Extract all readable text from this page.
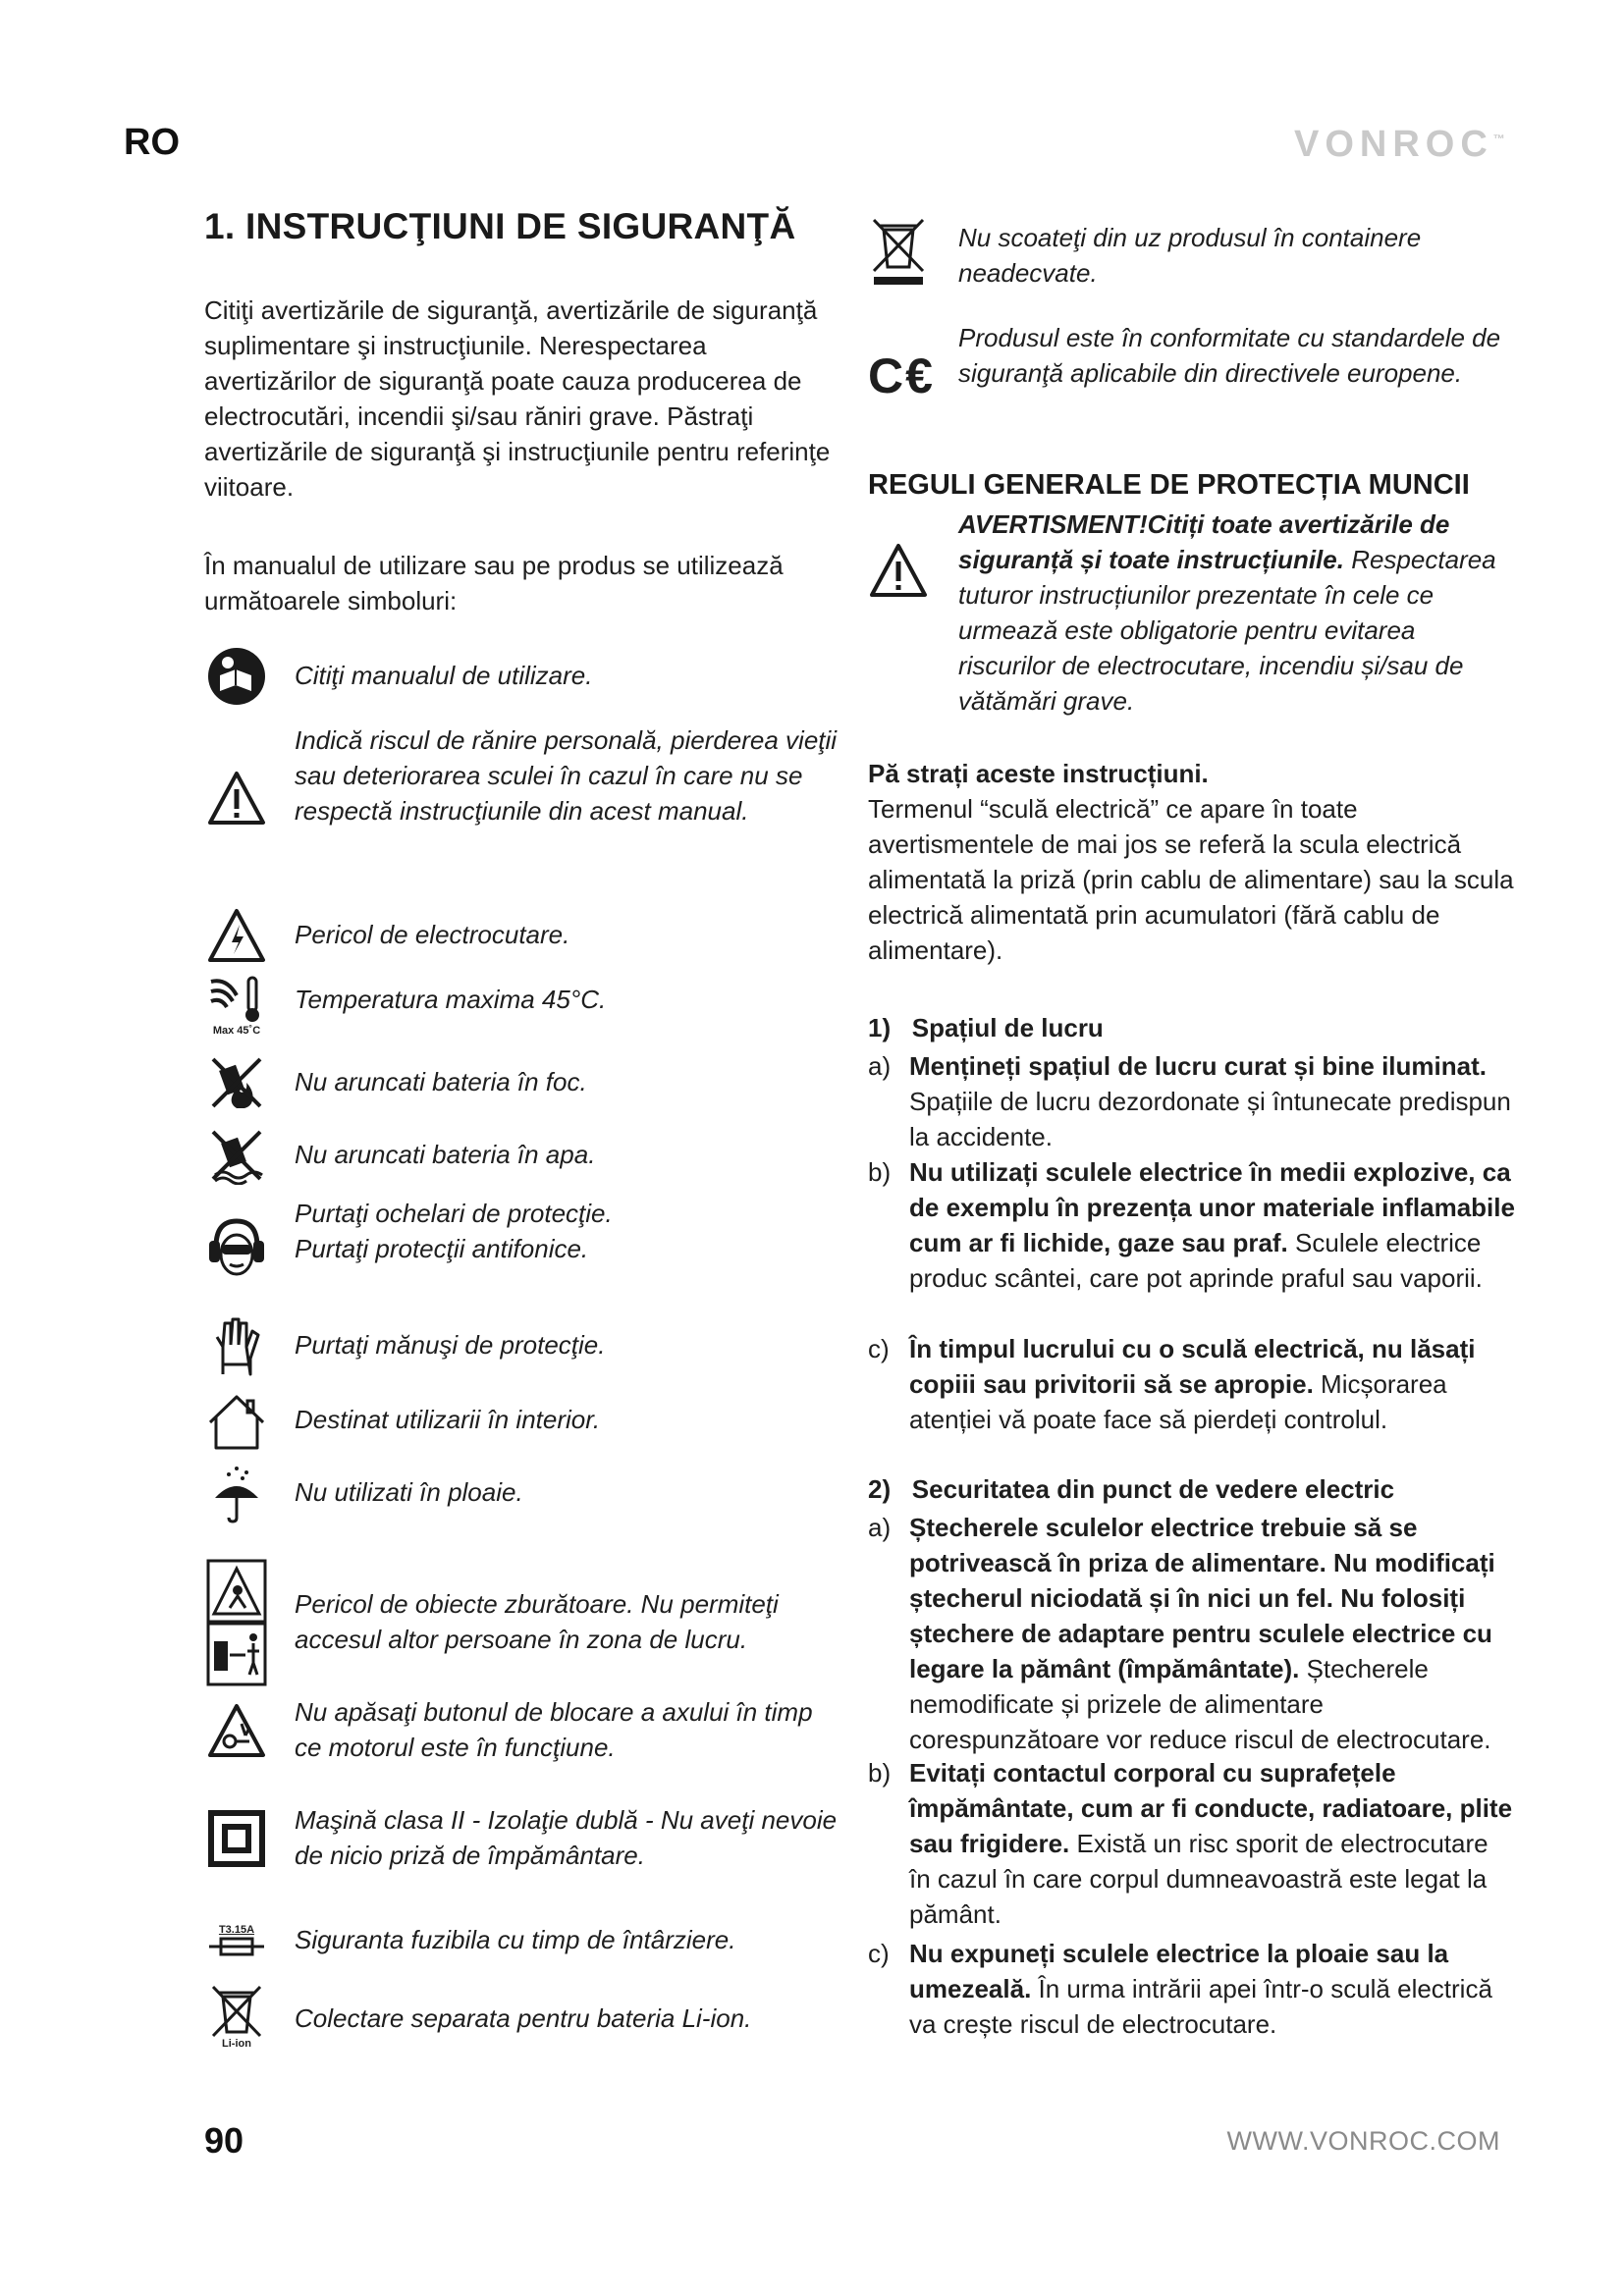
RO	VONROC™
1. INSTRUCŢIUNI DE SIGURANŢĂ

Citiţi avertizările de siguranţă, avertizările de siguranţă suplimentare şi instrucţiunile. Nerespectarea avertizărilor de siguranţă poate cauza producerea de electrocutări, incendii şi/sau răniri grave. Păstraţi avertizările de siguranţă şi instrucţiunile pentru referinţe viitoare.

În manualul de utilizare sau pe produs se utilizează următoarele simboluri:

Citiţi manualul de utilizare.
Indică riscul de rănire personală, pierderea vieţii sau deteriorarea sculei în cazul în care nu se respectă instrucţiunile din acest manual.
Pericol de electrocutare.
Max 45˚C
Temperatura maxima 45°C.
Nu aruncati bateria în foc.
Nu aruncati bateria în apa.
Purtaţi ochelari de protecţie.
Purtaţi protecţii antifonice.
Purtaţi mănuşi de protecţie.
Destinat utilizarii în interior.
Nu utilizati în ploaie.
Pericol de obiecte zburătoare. Nu permiteţi accesul altor persoane în zona de lucru.
Nu apăsaţi butonul de blocare a axului în timp ce motorul este în funcţiune.
Maşină clasa II - Izolaţie dublă - Nu aveţi nevoie de nicio priză de împământare.
T3.15A Siguranta fuzibila cu timp de întârziere.
Li-ion
Colectare separata pentru bateria Li-ion.
Nu scoateţi din uz produsul în containere neadecvate.
C€
Produsul este în conformitate cu standardele de siguranţă aplicabile din directivele europene.
REGULI GENERALE DE PROTECȚIA MUNCII
AVERTISMENT!Citiți toate avertizările de siguranță și toate instrucțiunile. Respectarea tuturor instrucțiunilor prezentate în cele ce urmează este obligatorie pentru evitarea riscurilor de electrocutare, incendiu și/sau de vătămări grave.
Pă strați aceste instrucțiuni.
Termenul “sculă electrică” ce apare în toate avertismentele de mai jos se referă la scula electrică alimentată la priză (prin cablu de alimentare) sau la scula electrică alimentată prin acumulatori (fără cablu de alimentare).
1)   Spațiul de lucru
a) Mențineți spațiul de lucru curat și bine iluminat. Spațiile de lucru dezordonate și întunecate predispun la accidente.
b) Nu utilizați sculele electrice în medii explozive, ca de exemplu în prezența unor materiale inflamabile cum ar fi lichide, gaze sau praf. Sculele electrice produc scântei, care pot aprinde praful sau vaporii.
c) În timpul lucrului cu o sculă electrică, nu lăsați copiii sau privitorii să se apropie. Micșorarea atenției vă poate face să pierdeți controlul.
2)   Securitatea din punct de vedere electric
a) Ștecherele sculelor electrice trebuie să se potrivească în priza de alimentare. Nu modificați ștecherul niciodată și în nici un fel. Nu folosiți ștechere de adaptare pentru sculele electrice cu legare la pământ (împământate). Ștecherele nemodificate și prizele de alimentare corespunzătoare vor reduce riscul de electrocutare.
b) Evitați contactul corporal cu suprafețele împământate, cum ar fi conducte, radiatoare, plite sau frigidere. Există un risc sporit de electrocutare în cazul în care corpul dumneavoastră este legat la pământ.
c) Nu expuneți sculele electrice la ploaie sau la umezeală. În urma intrării apei într-o sculă electrică va crește riscul de electrocutare.
90	WWW.VONROC.COM
